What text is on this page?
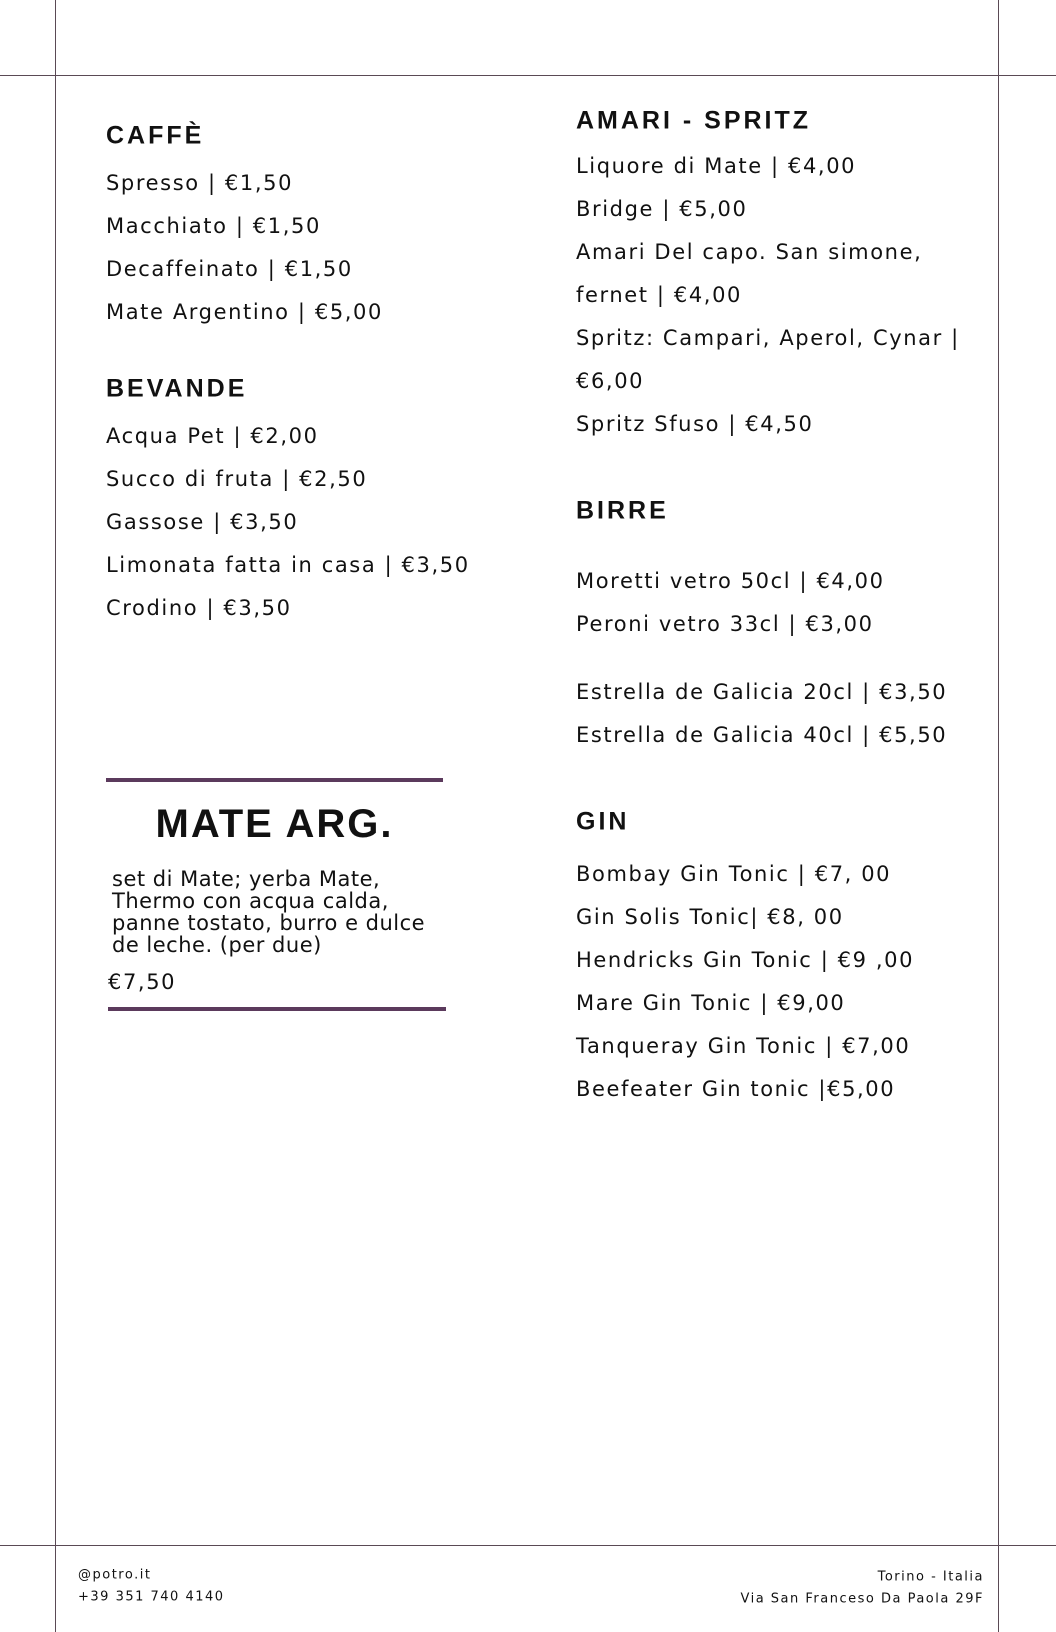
CAFFÈ
Spresso | €1,50
Macchiato | €1,50
Decaffeinato | €1,50
Mate Argentino | €5,00
BEVANDE
Acqua Pet | €2,00
Succo di fruta | €2,50
Gassose | €3,50
Limonata fatta in casa | €3,50
Crodino | €3,50
MATE ARG.
set di Mate; yerba Mate,
Thermo con acqua calda,
panne tostato, burro e dulce
de leche. (per due)
€7,50
AMARI - SPRITZ
Liquore di Mate | €4,00
Bridge | €5,00
Amari Del capo. San simone,
fernet | €4,00
Spritz: Campari, Aperol, Cynar |
€6,00
Spritz Sfuso | €4,50
BIRRE
Moretti vetro 50cl | €4,00
Peroni vetro 33cl | €3,00
Estrella de Galicia 20cl | €3,50
Estrella de Galicia 40cl | €5,50
GIN
Bombay Gin Tonic | €7, 00
Gin Solis Tonic| €8, 00
Hendricks Gin Tonic | €9 ,00
Mare Gin Tonic | €9,00
Tanqueray Gin Tonic | €7,00
Beefeater Gin tonic |€5,00
@potro.it
+39 351 740 4140
Torino - Italia
Via San Franceso Da Paola 29F
